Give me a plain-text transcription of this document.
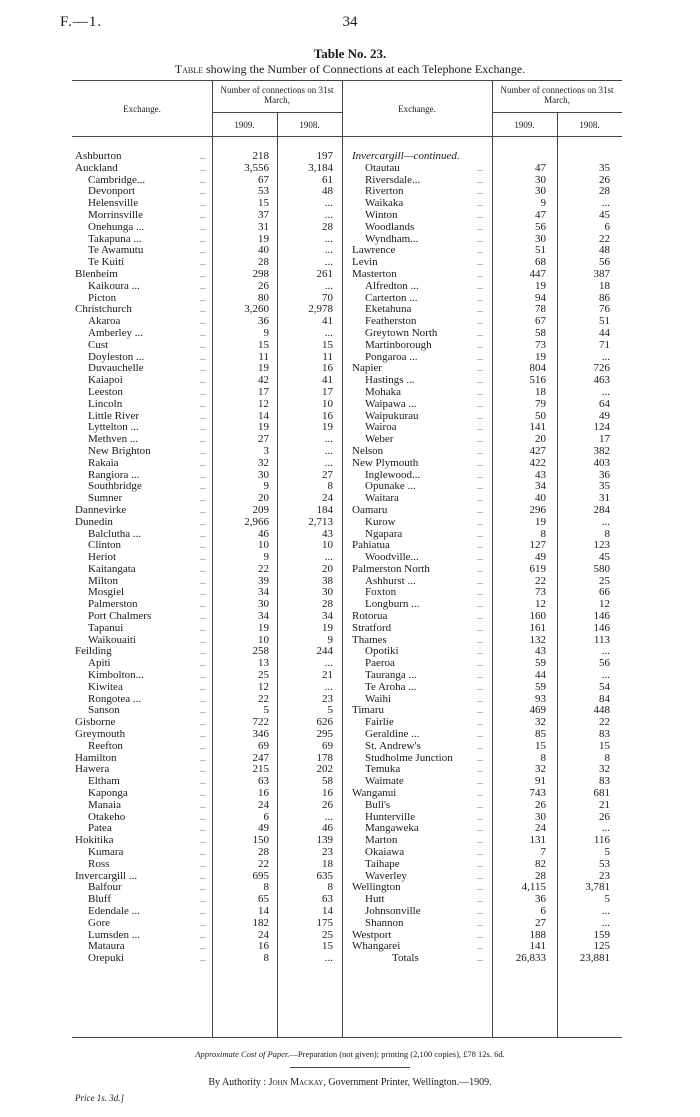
F.—1.	34
Table No. 23.
Table showing the Number of Connections at each Telephone Exchange.
Exchange.
Number of connections on 31st March,
1909.	1908.
Exchange.
Number of connections on 31st March,
1909.	1908.
Ashburton	...	218	197
Auckland	...	3,556	3,184
Cambridge...	...	67	61
Devonport	...	53	48
Helensville	...	15	...
Morrinsville	...	37	...
Onehunga ...	...	31	28
Takapuna ...	...	19	...
Te Awamutu	...	40	...
Te Kuiti	...	28	...
Blenheim	...	298	261
Kaikoura ...	...	26	...
Picton	...	80	70
Christchurch	...	3,260	2,978
Akaroa	...	36	41
Amberley ...	...	9	...
Cust	...	15	15
Doyleston ...	...	11	11
Duvauchelle	...	19	16
Kaiapoi	...	42	41
Leeston	...	17	17
Lincoln	...	12	10
Little River	...	14	16
Lyttelton ...	...	19	19
Methven ...	...	27	...
New Brighton	...	3	...
Rakaia	...	32	...
Rangiora ...	...	30	27
Southbridge	...	9	8
Sumner	...	20	24
Dannevirke	...	209	184
Dunedin	...	2,966	2,713
Balclutha ...	...	46	43
Clinton	...	10	10
Heriot	...	9	...
Kaitangata	...	22	20
Milton	...	39	38
Mosgiel	...	34	30
Palmerston	...	30	28
Port Chalmers	...	34	34
Tapanui	...	19	19
Waikouaiti	...	10	9
Feilding	...	258	244
Apiti	...	13	...
Kimbolton...	...	25	21
Kiwitea	...	12	...
Rongotea ...	...	22	23
Sanson	...	5	5
Gisborne	...	722	626
Greymouth	...	346	295
Reefton	...	69	69
Hamilton	...	247	178
Hawera	...	215	202
Eltham	...	63	58
Kaponga	...	16	16
Manaia	...	24	26
Otakeho	...	6	...
Patea	...	49	46
Hokitika	...	150	139
Kumara	...	28	23
Ross	...	22	18
Invercargill ...	...	695	635
Balfour	...	8	8
Bluff	...	65	63
Edendale ...	...	14	14
Gore	...	182	175
Lumsden ...	...	24	25
Mataura	...	16	15
Orepuki	...	8	...
Invercargill—continued.
Otautau	...	47	35
Riversdale...	...	30	26
Riverton	...	30	28
Waikaka	...	9	...
Winton	...	47	45
Woodlands	...	56	6
Wyndham...	...	30	22
Lawrence	...	51	48
Levin	...	68	56
Masterton	...	447	387
Alfredton ...	...	19	18
Carterton ...	...	94	86
Eketahuna	...	78	76
Featherston	...	67	51
Greytown North	...	58	44
Martinborough	...	73	71
Pongaroa ...	...	19	...
Napier	...	804	726
Hastings ...	...	516	463
Mohaka	...	18	...
Waipawa ...	...	79	64
Waipukurau	...	50	49
Wairoa	...	141	124
Weber	...	20	17
Nelson	...	427	382
New Plymouth	...	422	403
Inglewood...	...	43	36
Opunake ...	...	34	35
Waitara	...	40	31
Oamaru	...	296	284
Kurow	...	19	...
Ngapara	...	8	8
Pahiatua	...	127	123
Woodville...	...	49	45
Palmerston North	...	619	580
Ashhurst ...	...	22	25
Foxton	...	73	66
Longburn ...	...	12	12
Rotorua	...	160	146
Stratford	...	161	146
Thames	...	132	113
Opotiki	...	43	...
Paeroa	...	59	56
Tauranga ...	...	44	...
Te Aroha ...	...	59	54
Waihi	...	93	84
Timaru	...	469	448
Fairlie	...	32	22
Geraldine ...	...	85	83
St. Andrew's	...	15	15
Studholme Junction	...	8	8
Temuka	...	32	32
Waimate	...	91	83
Wanganui	...	743	681
Bull's	...	26	21
Hunterville	...	30	26
Mangaweka	...	24	...
Marton	...	131	116
Okaiawa	...	7	5
Taihape	...	82	53
Waverley	...	28	23
Wellington	...	4,115	3,781
Hutt	...	36	5
Johnsonville	...	6	...
Shannon	...	27	...
Westport	...	188	159
Whangarei	...	141	125
Totals	...	26,833	23,881
Approximate Cost of Paper.—Preparation (not given); printing (2,100 copies), £78 12s. 6d.
By Authority : John Mackay, Government Printer, Wellington.—1909.
Price 1s. 3d.]
